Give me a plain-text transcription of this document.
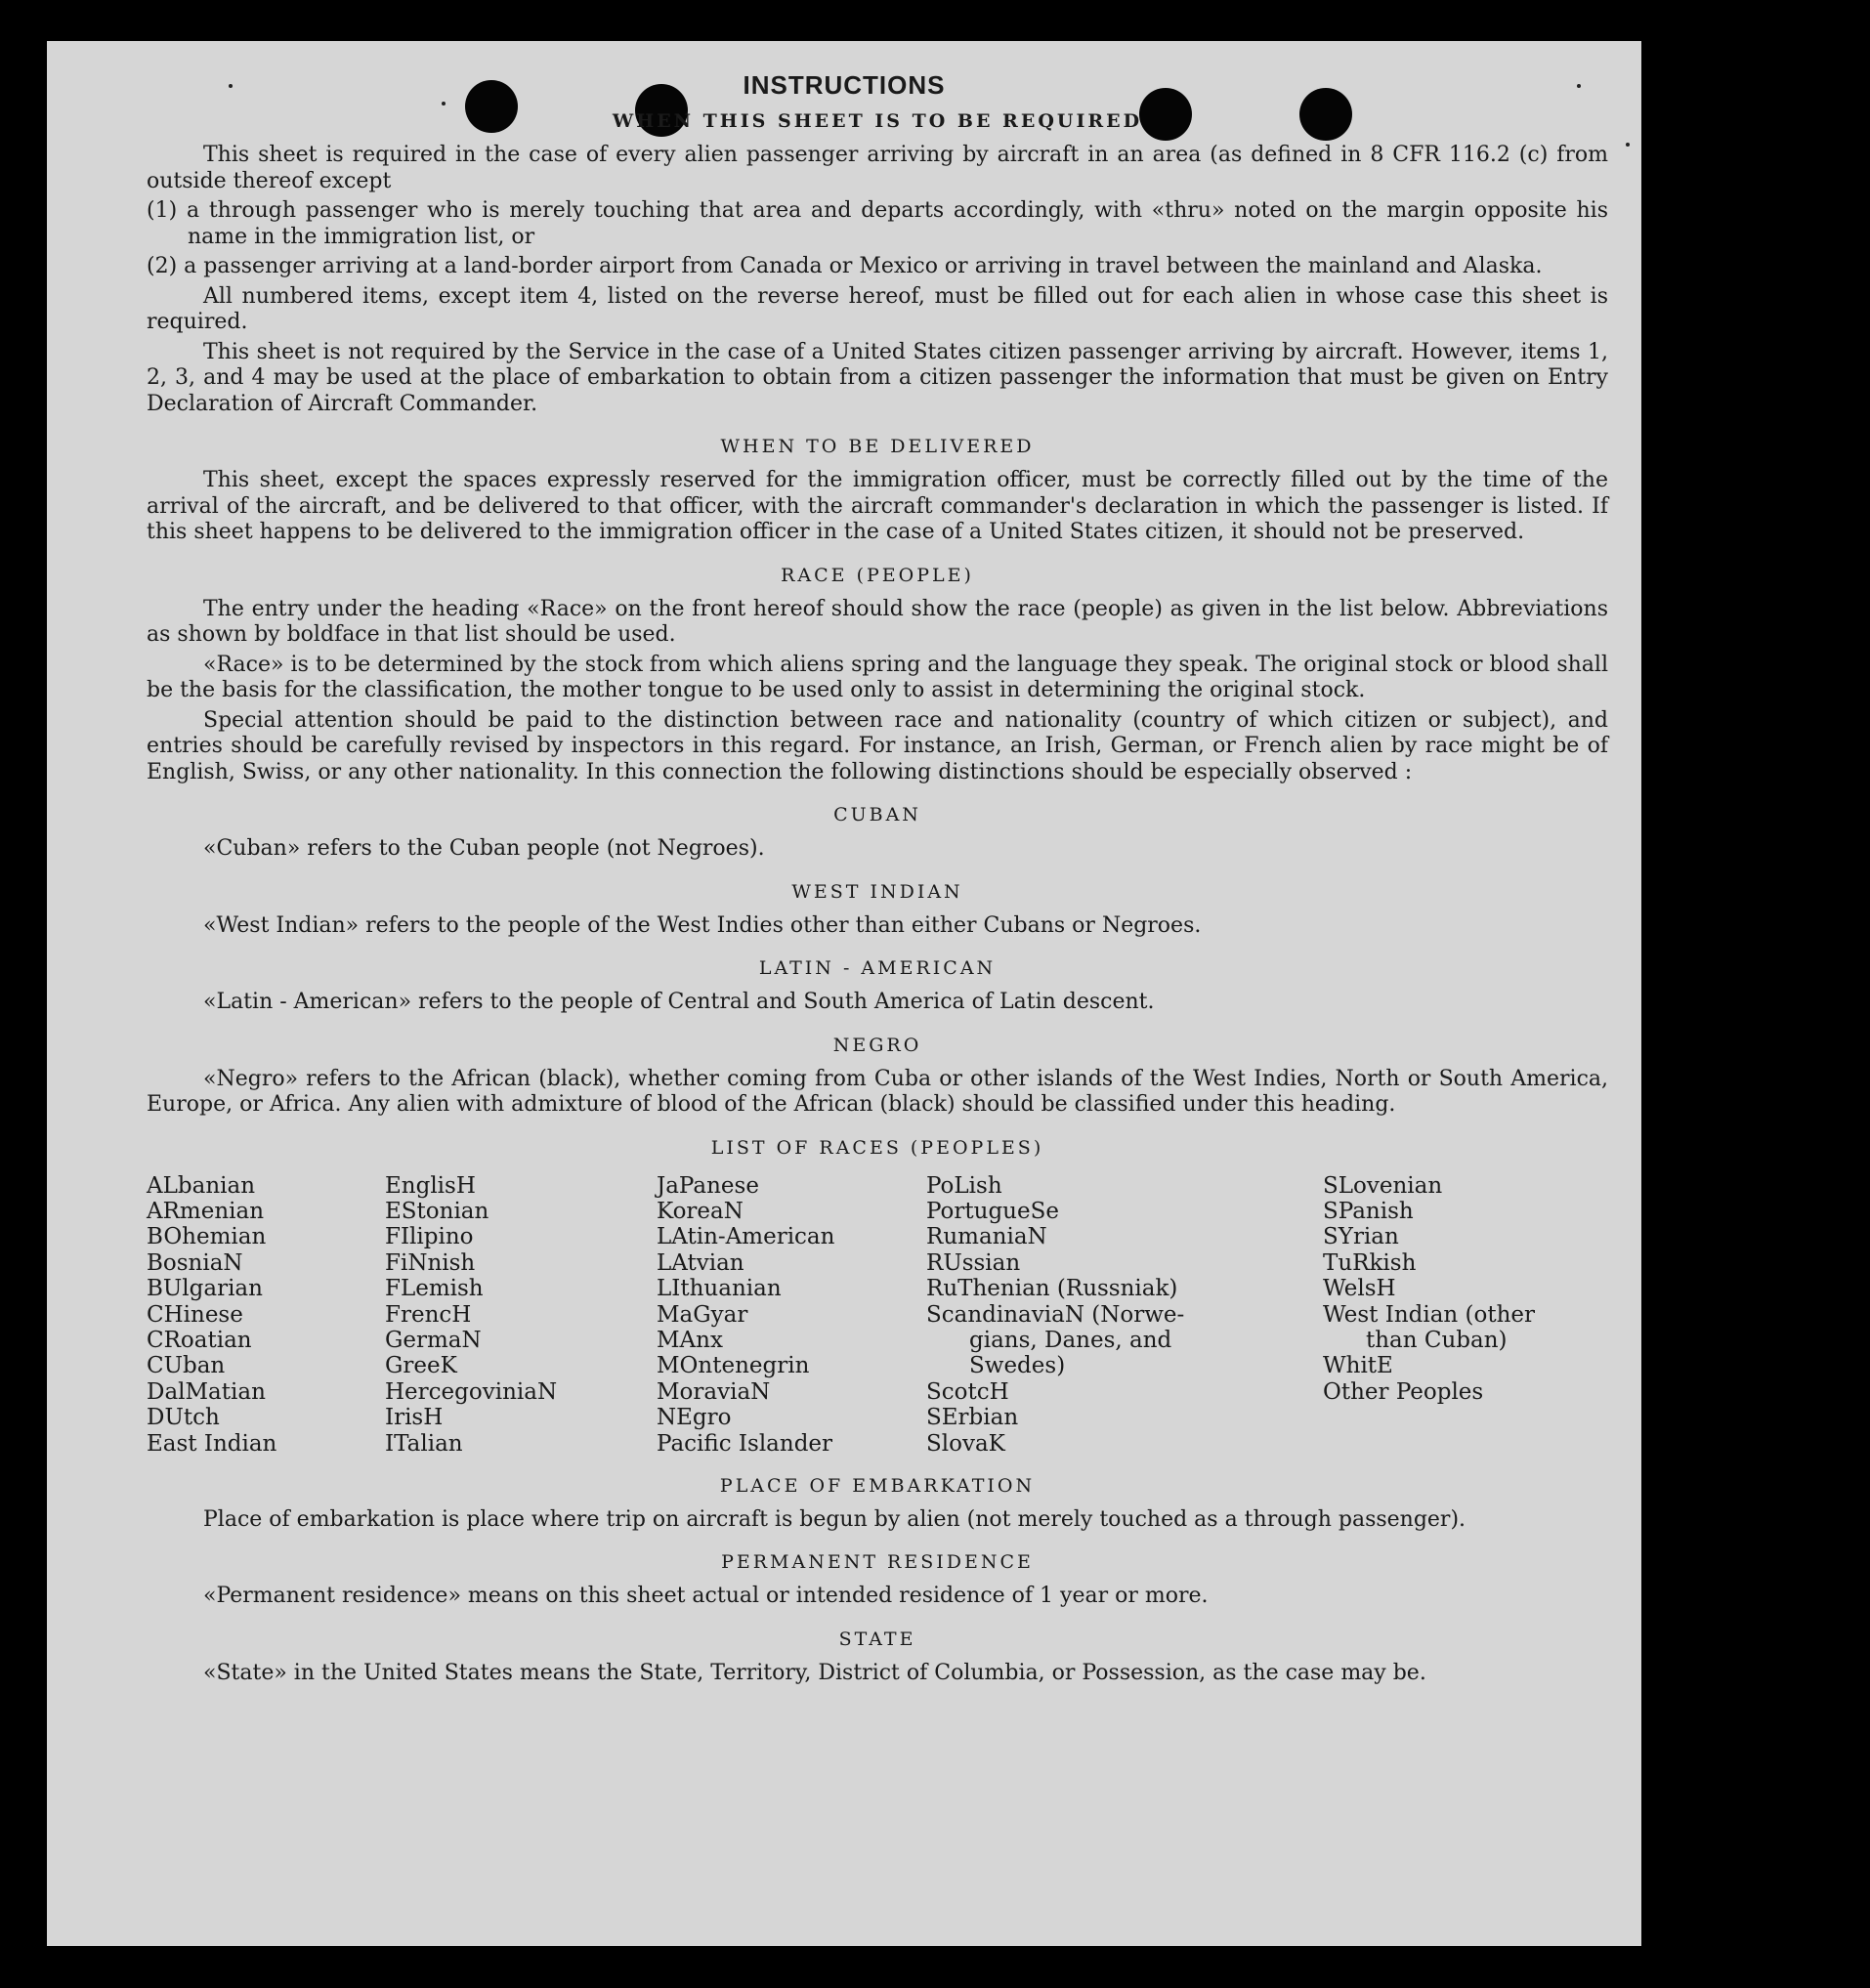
INSTRUCTIONS
WHEN THIS SHEET IS TO BE REQUIRED

This sheet is required in the case of every alien passenger arriving by aircraft in an area (as defined in 8 CFR 116.2 (c) from outside thereof except

(1) a through passenger who is merely touching that area and departs accordingly, with «thru» noted on the margin opposite his name in the immigration list, or

(2) a passenger arriving at a land-border airport from Canada or Mexico or arriving in travel between the mainland and Alaska.

All numbered items, except item 4, listed on the reverse hereof, must be filled out for each alien in whose case this sheet is required.

This sheet is not required by the Service in the case of a United States citizen passenger arriving by aircraft. However, items 1, 2, 3, and 4 may be used at the place of embarkation to obtain from a citizen passenger the information that must be given on Entry Declaration of Aircraft Commander.

WHEN TO BE DELIVERED

This sheet, except the spaces expressly reserved for the immigration officer, must be correctly filled out by the time of the arrival of the aircraft, and be delivered to that officer, with the aircraft commander's declaration in which the passenger is listed. If this sheet happens to be delivered to the immigration officer in the case of a United States citizen, it should not be preserved.

RACE (PEOPLE)

The entry under the heading «Race» on the front hereof should show the race (people) as given in the list below. Abbreviations as shown by boldface in that list should be used.

«Race» is to be determined by the stock from which aliens spring and the language they speak. The original stock or blood shall be the basis for the classification, the mother tongue to be used only to assist in determining the original stock.

Special attention should be paid to the distinction between race and nationality (country of which citizen or subject), and entries should be carefully revised by inspectors in this regard. For instance, an Irish, German, or French alien by race might be of English, Swiss, or any other nationality. In this connection the following distinctions should be especially observed :

CUBAN

«Cuban» refers to the Cuban people (not Negroes).

WEST INDIAN

«West Indian» refers to the people of the West Indies other than either Cubans or Negroes.

LATIN - AMERICAN

«Latin - American» refers to the people of Central and South America of Latin descent.

NEGRO

«Negro» refers to the African (black), whether coming from Cuba or other islands of the West Indies, North or South America, Europe, or Africa. Any alien with admixture of blood of the African (black) should be classified under this heading.

LIST OF RACES (PEOPLES)
ALbanian
ARmenian
BOhemian
BosniaN
BUlgarian
CHinese
CRoatian
CUban
DalMatian
DUtch
East Indian
EnglisH
EStonian
FIlipino
FiNnish
FLemish
FrencH
GermaN
GreeK
HercegoviniaN
IrisH
ITalian
JaPanese
KoreaN
LAtin-American
LAtvian
LIthuanian
MaGyar
MAnx
MOntenegrin
MoraviaN
NEgro
Pacific Islander
PoLish
PortugueSe
RumaniaN
RUssian
RuThenian (Russniak)
ScandinaviaN (Norwe-
gians, Danes, and
Swedes)
ScotcH
SErbian
SlovaK
SLovenian
SPanish
SYrian
TuRkish
WelsH
West Indian (other
than Cuban)
WhitE
Other Peoples
PLACE OF EMBARKATION

Place of embarkation is place where trip on aircraft is begun by alien (not merely touched as a through passenger).

PERMANENT RESIDENCE

«Permanent residence» means on this sheet actual or intended residence of 1 year or more.

STATE

«State» in the United States means the State, Territory, District of Columbia, or Possession, as the case may be.
